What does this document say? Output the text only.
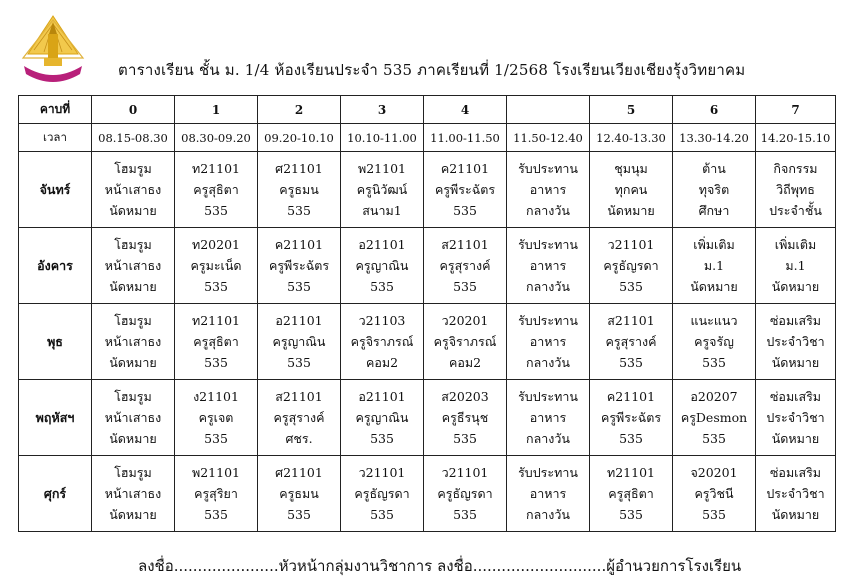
ตารางเรียน ชั้น ม. 1/4 ห้องเรียนประจำ 535 ภาคเรียนที่ 1/2568 โรงเรียนเวียงเชียงรุ้งวิทยาคม
คาบที่	0	1	2	3	4		5	6	7
เวลา	08.15-08.30	08.30-09.20	09.20-10.10	10.10-11.00	11.00-11.50	11.50-12.40	12.40-13.30	13.30-14.20	14.20-15.10
จันทร์	โฮมรูม
หน้าเสาธง
นัดหมาย	ท21101
ครูสุธิตา
535	ศ21101
ครูธมน
535	พ21101
ครูนิวัฒน์
สนาม1	ค21101
ครูพีระฉัตร
535	รับประทาน
อาหาร
กลางวัน	ชุมนุม
ทุกคน
นัดหมาย	ต้าน
ทุจริต
ศึกษา	กิจกรรม
วิถีพุทธ
ประจำชั้น

อังคาร	โฮมรูม
หน้าเสาธง
นัดหมาย	ท20201
ครูมะเน็ด
535	ค21101
ครูพีระฉัตร
535	อ21101
ครูญาณิน
535	ส21101
ครูสุรางค์
535	รับประทาน
อาหาร
กลางวัน	ว21101
ครูธัญรดา
535	เพิ่มเติม
ม.1
นัดหมาย	เพิ่มเติม
ม.1
นัดหมาย

พุธ	โฮมรูม
หน้าเสาธง
นัดหมาย	ท21101
ครูสุธิตา
535	อ21101
ครูญาณิน
535	ว21103
ครูจิราภรณ์
คอม2	ว20201
ครูจิราภรณ์
คอม2	รับประทาน
อาหาร
กลางวัน	ส21101
ครูสุรางค์
535	แนะแนว
ครูจรัญ
535	ซ่อมเสริม
ประจำวิชา
นัดหมาย

พฤหัสฯ	โฮมรูม
หน้าเสาธง
นัดหมาย	ง21101
ครูเจต
535	ส21101
ครูสุรางค์
ศชร.	อ21101
ครูญาณิน
535	ส20203
ครูธีรนุช
535	รับประทาน
อาหาร
กลางวัน	ค21101
ครูพีระฉัตร
535	อ20207
ครูDesmon
535	ซ่อมเสริม
ประจำวิชา
นัดหมาย

ศุกร์	โฮมรูม
หน้าเสาธง
นัดหมาย	พ21101
ครูสุริยา
535	ศ21101
ครูธมน
535	ว21101
ครูธัญรดา
535	ว21101
ครูธัญรดา
535	รับประทาน
อาหาร
กลางวัน	ท21101
ครูสุธิตา
535	จ20201
ครูวิชนี
535	ซ่อมเสริม
ประจำวิชา
นัดหมาย
ลงชื่อ......................หัวหน้ากลุ่มงานวิชาการ ลงชื่อ............................ผู้อำนวยการโรงเรียน
